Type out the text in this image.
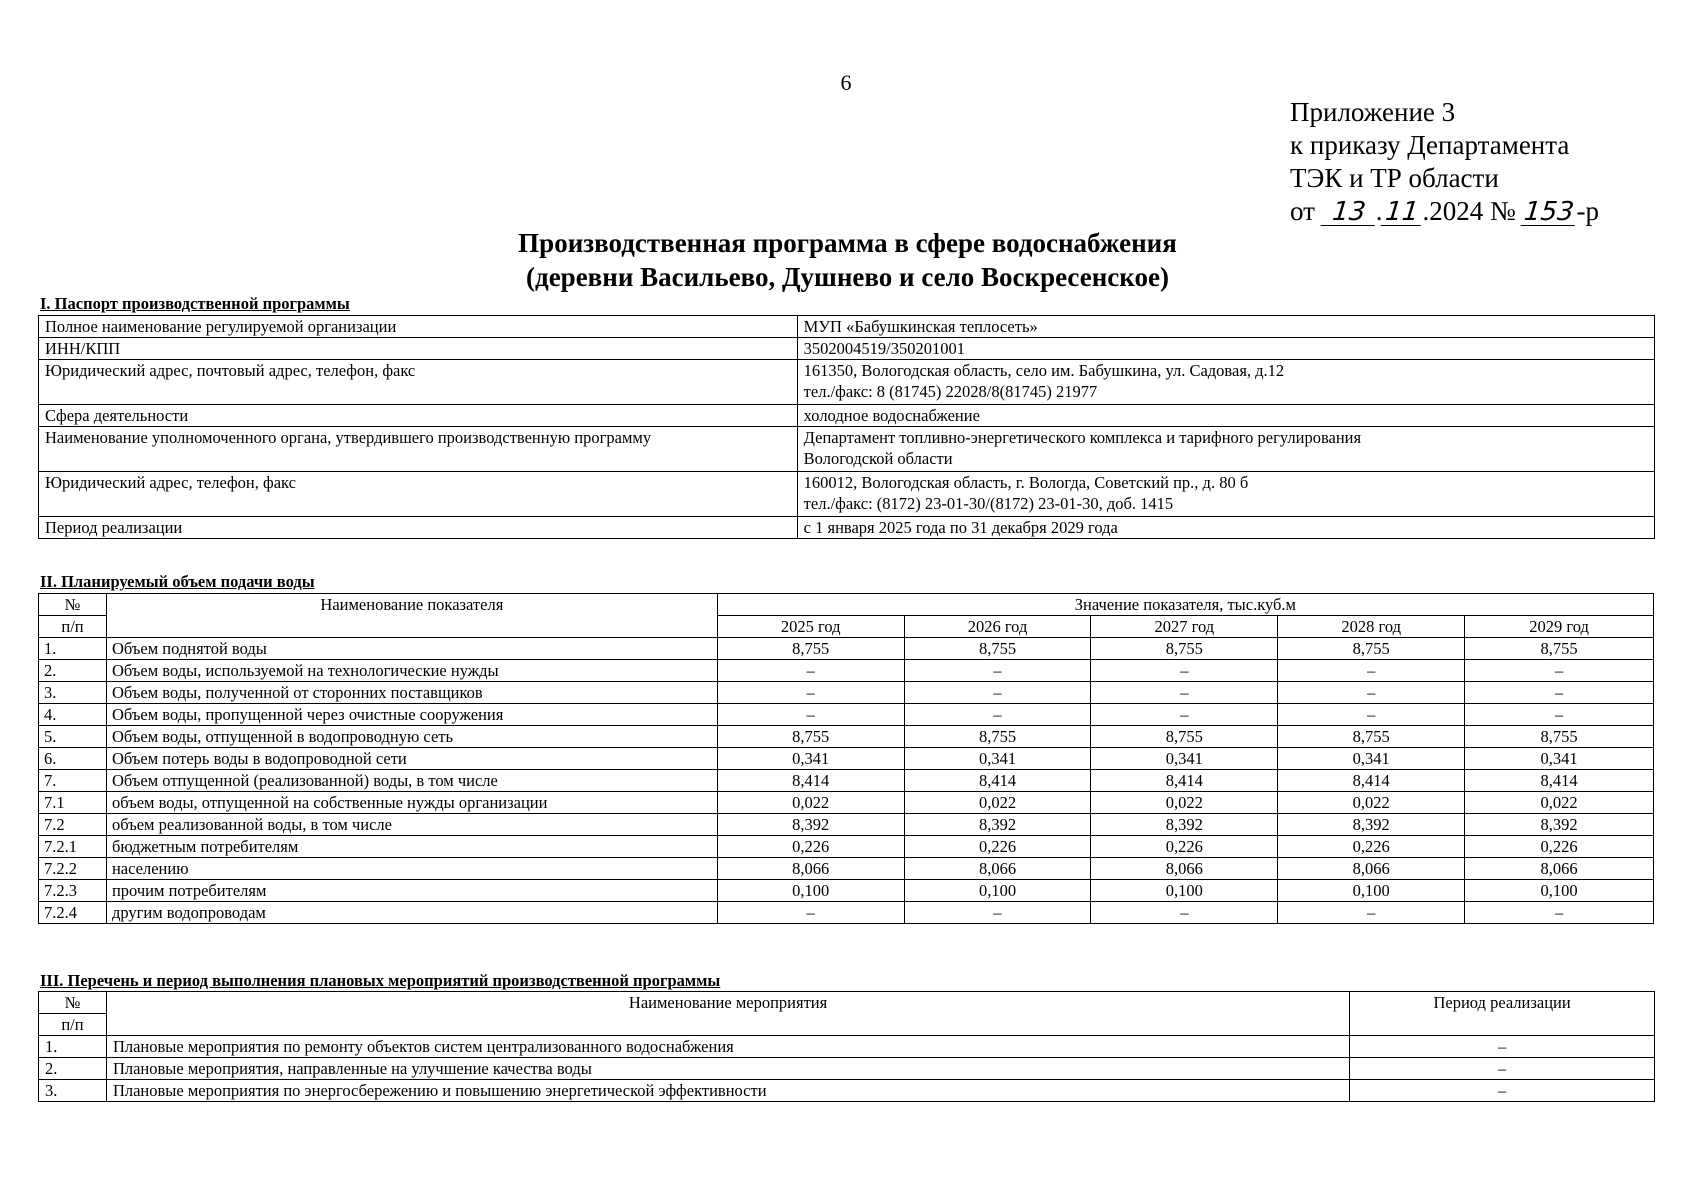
6
Приложение 3
к приказу Департамента
ТЭК и ТР области
от 13 .11.2024 № 153-р
Производственная программа в сфере водоснабжения
(деревни Васильево, Душнево и село Воскресенское)
I. Паспорт производственной программы
Полное наименование регулируемой организации	МУП «Бабушкинская теплосеть»

ИНН/КПП	3502004519/350201001

Юридический адрес, почтовый адрес, телефон, факс	161350, Вологодская область, село им. Бабушкина, ул. Садовая, д.12
тел./факс: 8 (81745) 22028/8(81745) 21977

Сфера деятельности	холодное водоснабжение

Наименование уполномоченного органа, утвердившего производственную программу	Департамент топливно-энергетического комплекса и тарифного регулирования
Вологодской области

Юридический адрес, телефон, факс	160012, Вологодская область, г. Вологда, Советский пр., д. 80 б
тел./факс: (8172) 23-01-30/(8172) 23-01-30, доб. 1415

Период реализации	с 1 января 2025 года по 31 декабря 2029 года
II. Планируемый объем подачи воды
№	Наименование показателя	Значение показателя, тыс.куб.м				
п/п		2025 год	2026 год	2027 год	2028 год	2029 год
1.	Объем поднятой воды	8,755	8,755	8,755	8,755	8,755
2.	Объем воды, используемой на технологические нужды	–	–	–	–	–
3.	Объем воды, полученной от сторонних поставщиков	–	–	–	–	–
4.	Объем воды, пропущенной через очистные сооружения	–	–	–	–	–
5.	Объем воды, отпущенной в водопроводную сеть	8,755	8,755	8,755	8,755	8,755
6.	Объем потерь воды в водопроводной сети	0,341	0,341	0,341	0,341	0,341
7.	Объем отпущенной (реализованной) воды, в том числе	8,414	8,414	8,414	8,414	8,414
7.1	объем воды, отпущенной на собственные нужды организации	0,022	0,022	0,022	0,022	0,022
7.2	объем реализованной воды, в том числе	8,392	8,392	8,392	8,392	8,392
7.2.1	бюджетным потребителям	0,226	0,226	0,226	0,226	0,226
7.2.2	населению	8,066	8,066	8,066	8,066	8,066
7.2.3	прочим потребителям	0,100	0,100	0,100	0,100	0,100
7.2.4	другим водопроводам	–	–	–	–	–
III. Перечень и период выполнения плановых мероприятий производственной программы
№	Наименование мероприятия	Период реализации
п/п		
1.	Плановые мероприятия по ремонту объектов систем централизованного водоснабжения	–
2.	Плановые мероприятия, направленные на улучшение качества воды	–
3.	Плановые мероприятия по энергосбережению и повышению энергетической эффективности	–
